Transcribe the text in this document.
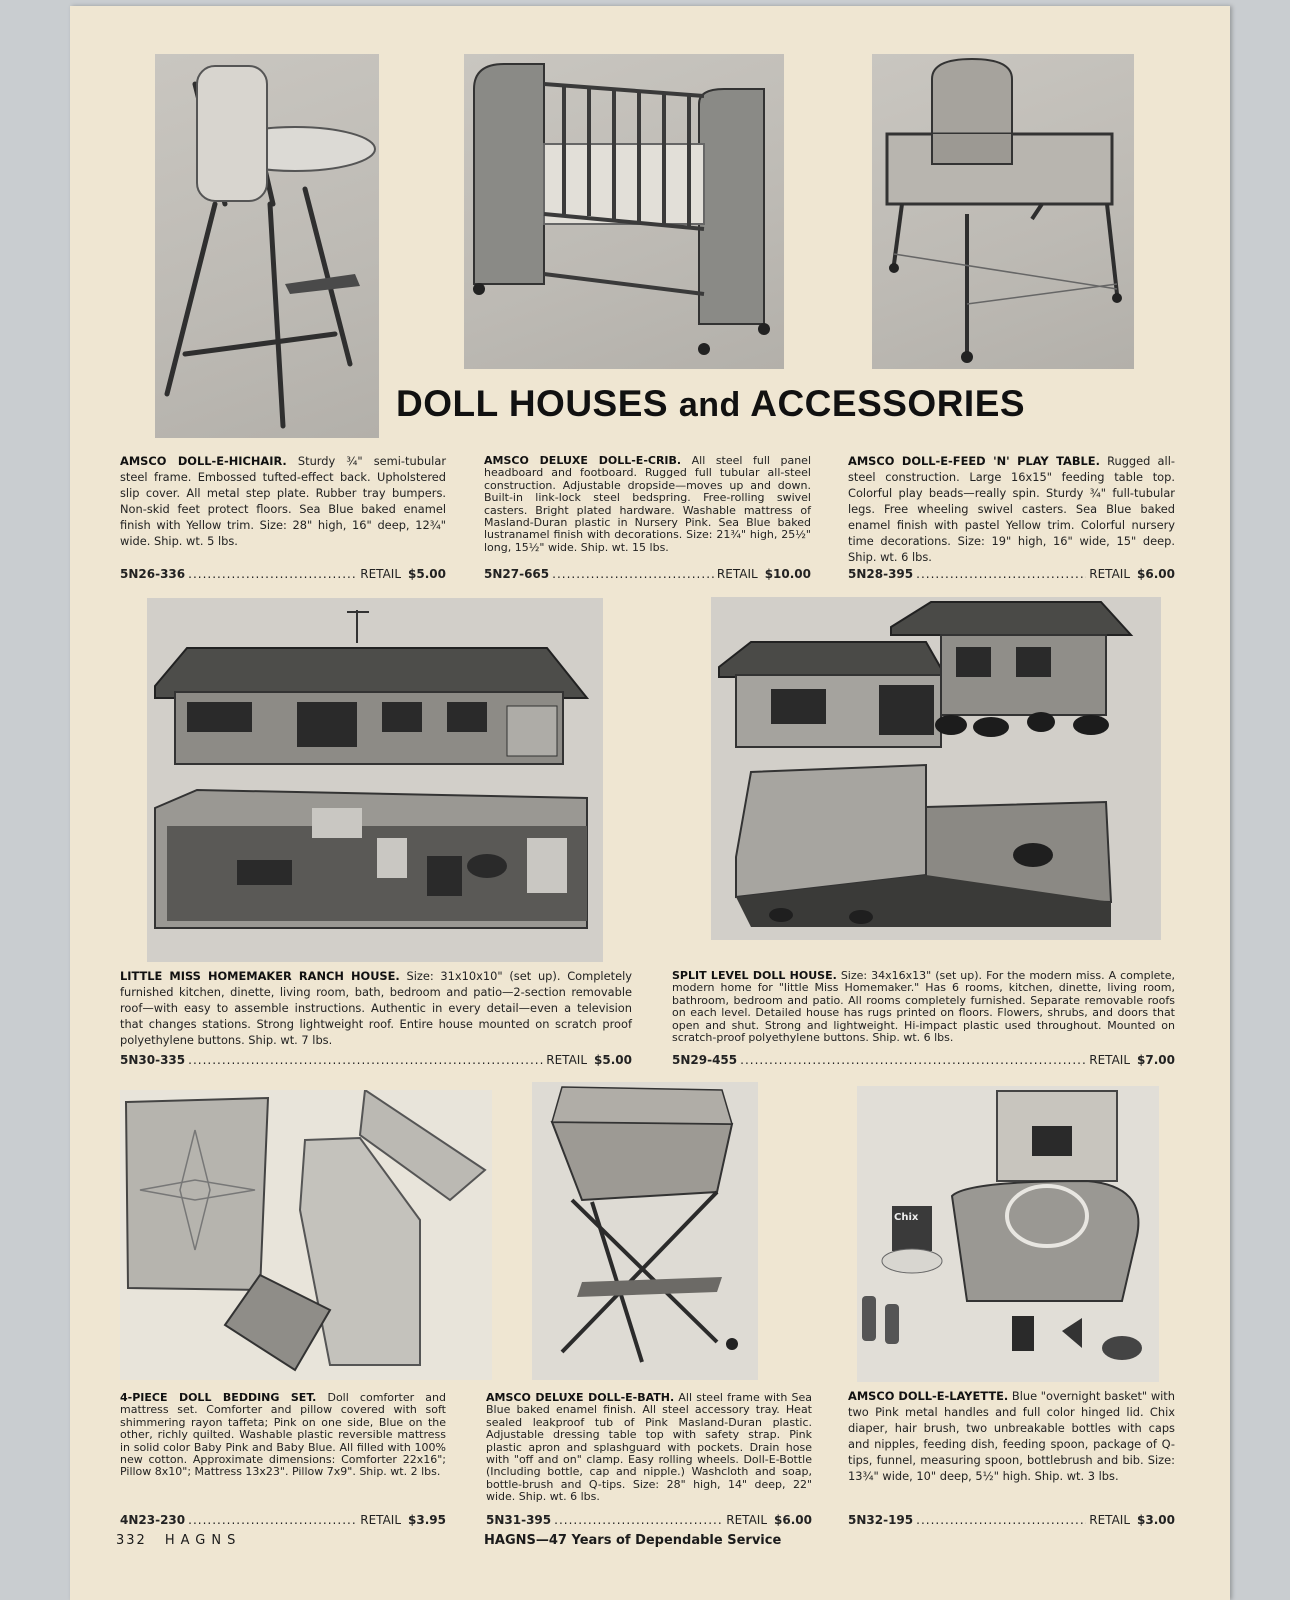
DOLL HOUSES and ACCESSORIES
AMSCO DOLL-E-HICHAIR. Sturdy ¾" semi-tubular steel frame. Embossed tufted-effect back. Upholstered slip cover. All metal step plate. Rubber tray bumpers. Non-skid feet protect floors. Sea Blue baked enamel finish with Yellow trim. Size: 28" high, 16" deep, 12¾" wide. Ship. wt. 5 lbs.
5N26-336 .....	RETAIL $5.00
AMSCO DELUXE DOLL-E-CRIB. All steel full panel headboard and footboard. Rugged full tubular all-steel construction. Adjustable dropside—moves up and down. Built-in link-lock steel bedspring. Free-rolling swivel casters. Bright plated hardware. Washable mattress of Masland-Duran plastic in Nursery Pink. Sea Blue baked lustranamel finish with decorations. Size: 21¾" high, 25½" long, 15½" wide. Ship. wt. 15 lbs.
5N27-665 .....	RETAIL $10.00
AMSCO DOLL-E-FEED 'N' PLAY TABLE. Rugged all-steel construction. Large 16x15" feeding table top. Colorful play beads—really spin. Sturdy ¾" full-tubular legs. Free wheeling swivel casters. Sea Blue baked enamel finish with pastel Yellow trim. Colorful nursery time decorations. Size: 19" high, 16" wide, 15" deep. Ship. wt. 6 lbs.
5N28-395 .....	RETAIL $6.00
LITTLE MISS HOMEMAKER RANCH HOUSE. Size: 31x10x10" (set up). Completely furnished kitchen, dinette, living room, bath, bedroom and patio—2-section removable roof—with easy to assemble instructions. Authentic in every detail—even a television that changes stations. Strong lightweight roof. Entire house mounted on scratch proof polyethylene buttons. Ship. wt. 7 lbs.
5N30-335 .....	RETAIL $5.00
SPLIT LEVEL DOLL HOUSE. Size: 34x16x13" (set up). For the modern miss. A complete, modern home for "little Miss Homemaker." Has 6 rooms, kitchen, dinette, living room, bathroom, bedroom and patio. All rooms completely furnished. Separate removable roofs on each level. Detailed house has rugs printed on floors. Flowers, shrubs, and doors that open and shut. Strong and lightweight. Hi-impact plastic used throughout. Mounted on scratch-proof polyethylene buttons. Ship. wt. 6 lbs.
5N29-455 .....	RETAIL $7.00
Chix
4-PIECE DOLL BEDDING SET. Doll comforter and mattress set. Comforter and pillow covered with soft shimmering rayon taffeta; Pink on one side, Blue on the other, richly quilted. Washable plastic reversible mattress in solid color Baby Pink and Baby Blue. All filled with 100% new cotton. Approximate dimensions: Comforter 22x16"; Pillow 8x10"; Mattress 13x23". Pillow 7x9". Ship. wt. 2 lbs.
4N23-230 .....	RETAIL $3.95
AMSCO DELUXE DOLL-E-BATH. All steel frame with Sea Blue baked enamel finish. All steel accessory tray. Heat sealed leakproof tub of Pink Masland-Duran plastic. Adjustable dressing table top with safety strap. Pink plastic apron and splashguard with pockets. Drain hose with "off and on" clamp. Easy rolling wheels. Doll-E-Bottle (Including bottle, cap and nipple.) Washcloth and soap, bottle-brush and Q-tips. Size: 28" high, 14" deep, 22" wide. Ship. wt. 6 lbs.
5N31-395 .....	RETAIL $6.00
AMSCO DOLL-E-LAYETTE. Blue "overnight basket" with two Pink metal handles and full color hinged lid. Chix diaper, hair brush, two unbreakable bottles with caps and nipples, feeding dish, feeding spoon, package of Q-tips, funnel, measuring spoon, bottlebrush and bib. Size: 13¾" wide, 10" deep, 5½" high. Ship. wt. 3 lbs.
5N32-195 .....	RETAIL $3.00
332 HAGNS	HAGNS—47 Years of Dependable Service
